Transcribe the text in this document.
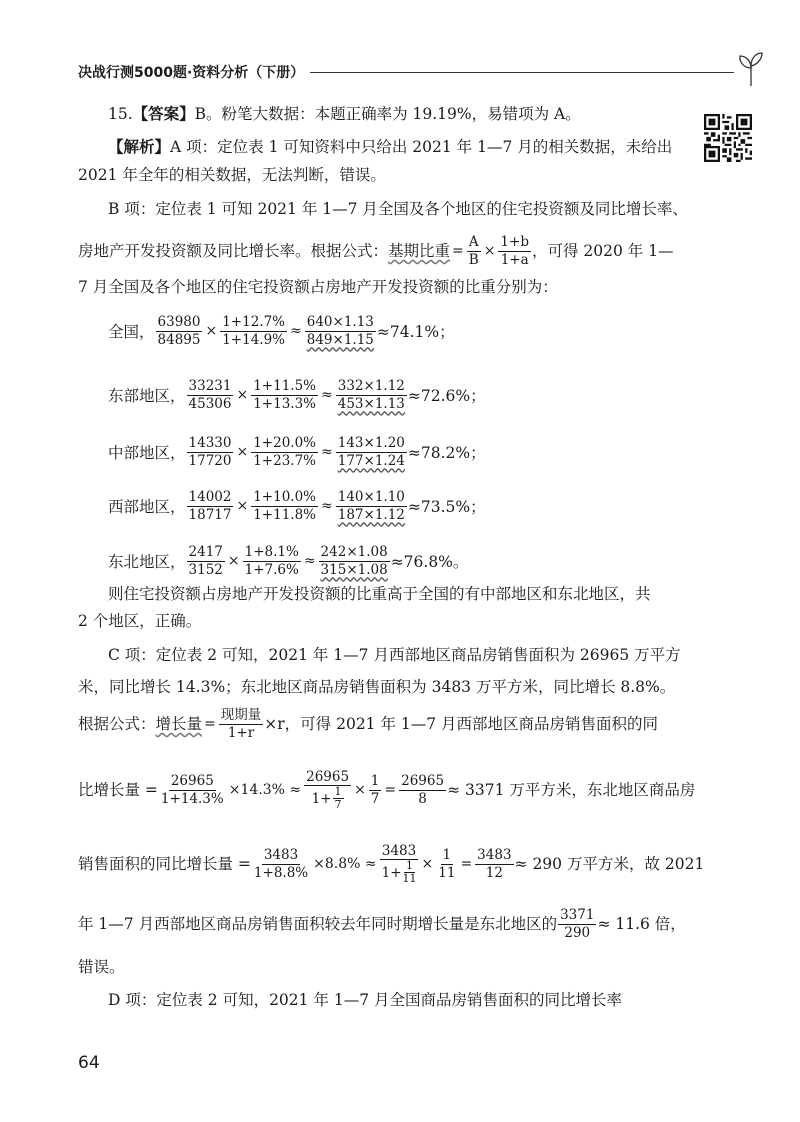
决战行测5000题·资料分析（下册）
15.【答案】B。粉笔大数据：本题正确率为 19.19%，易错项为 A。
【解析】A 项：定位表 1 可知资料中只给出 2021 年 1—7 月的相关数据，未给出
2021 年全年的相关数据，无法判断，错误。
B 项：定位表 1 可知 2021 年 1—7 月全国及各个地区的住宅投资额及同比增长率、
房地产开发投资额及同比增长率。根据公式： 基期比重 = $\frac{A}{B} \times \frac{1+b}{1+a}$ ，可得 2020 年 1—
7 月全国及各个地区的住宅投资额占房地产开发投资额的比重分别为：
全国， $\frac{63980}{84895} \times \frac{1+12.7\%}{1+14.9\%} \approx \frac{640\times 1.13}{849\times 1.15} \approx 74.1\%$；
东部地区， $\frac{33231}{45306} \times \frac{1+11.5\%}{1+13.3\%} \approx \frac{332\times 1.12}{453\times 1.13} \approx 72.6\%$；
中部地区， $\frac{14330}{17720} \times \frac{1+20.0\%}{1+23.7\%} \approx \frac{143\times 1.20}{177\times 1.24} \approx 78.2\%$；
西部地区， $\frac{14002}{18717} \times \frac{1+10.0\%}{1+11.8\%} \approx \frac{140\times 1.10}{187\times 1.12} \approx 73.5\%$；
东北地区， $\frac{2417}{3152} \times \frac{1+8.1\%}{1+7.6\%} \approx \frac{242\times 1.08}{315\times 1.08} \approx 76.8\%$。
则住宅投资额占房地产开发投资额的比重高于全国的有中部地区和东北地区，共
2 个地区，正确。
C 项：定位表 2 可知，2021 年 1—7 月西部地区商品房销售面积为 26965 万平方
米，同比增长 14.3%；东北地区商品房销售面积为 3483 万平方米，同比增长 8.8%。
根据公式： 增长量 = $\frac{\text{现期量}}{1+r} \times r$ ，可得 2021 年 1—7 月西部地区商品房销售面积的同
比增长量 = $\frac{26965}{1+14.3\%} \times 14.3\% \approx \frac{26965}{1+ \frac{1}{7}} \times \frac{1}{7} = \frac{26965}{8} \approx 3371$ 万平方米，东北地区商品房
销售面积的同比增长量 = $\frac{3483}{1+8.8\%} \times 8.8\% \approx \frac{3483}{1+ \frac{1}{11}} \times \frac{1}{11} = \frac{3483}{12} \approx 290$ 万平方米，故 2021
年 1—7 月西部地区商品房销售面积较去年同时期增长量是东北地区的 $\frac{3371}{290} \approx 11.6$ 倍，
错误。
D 项：定位表 2 可知，2021 年 1—7 月全国商品房销售面积的同比增长率
64
